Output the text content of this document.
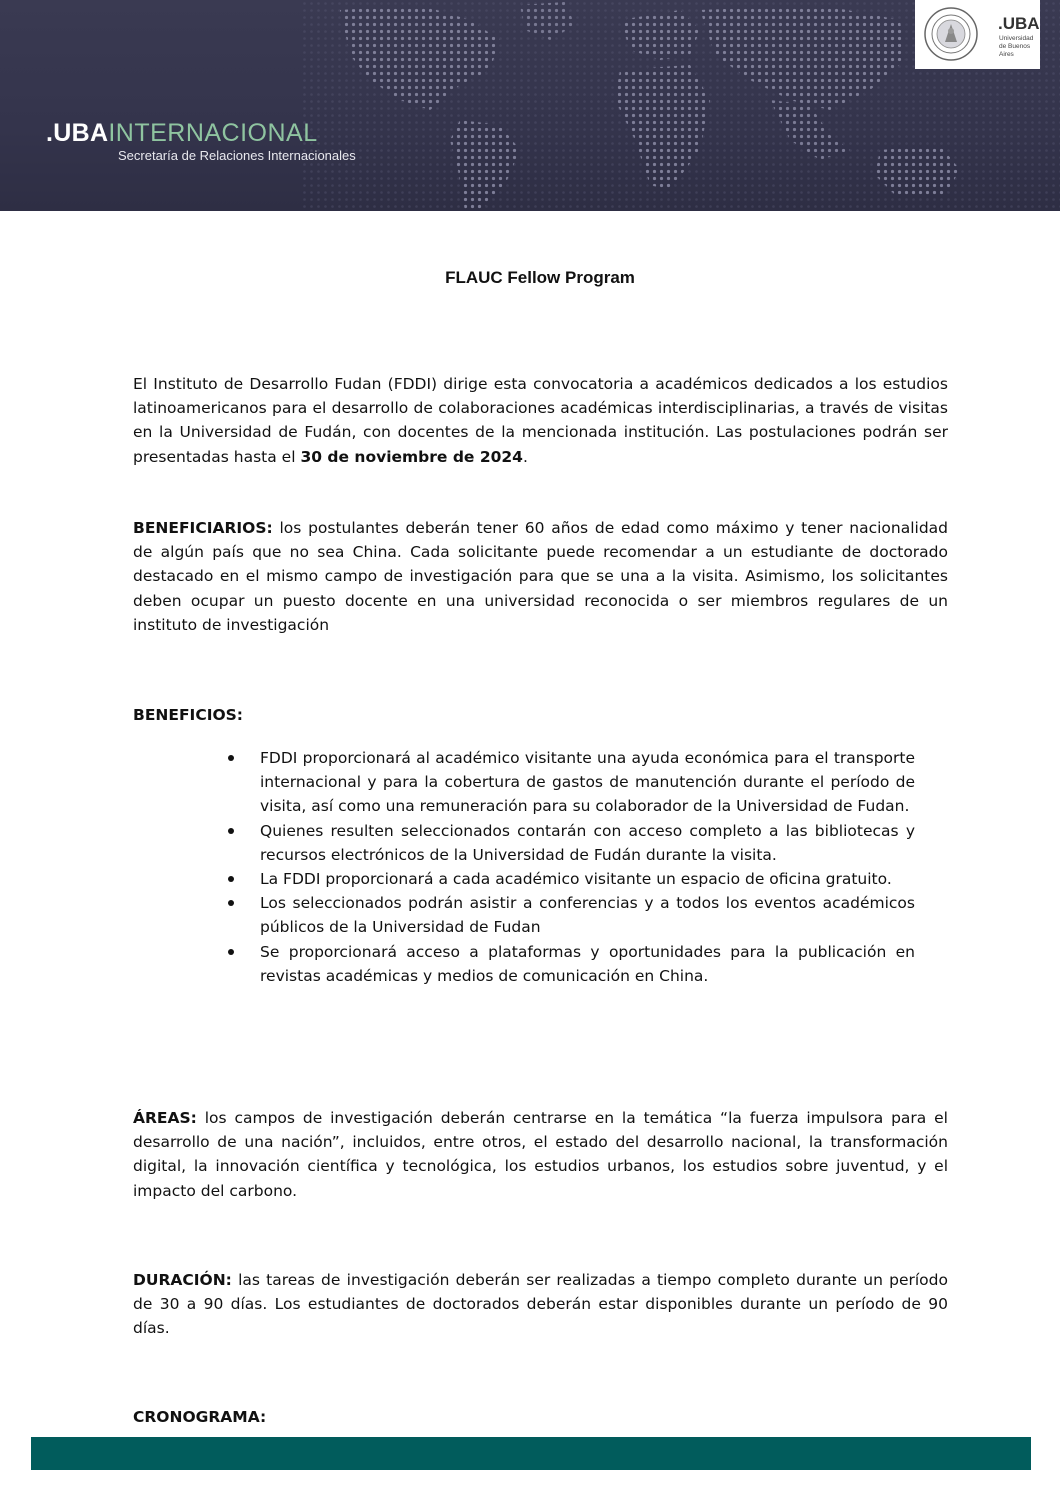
.UBAINTERNACIONAL
Secretaría de Relaciones Internacionales
.UBA
Universidad de Buenos Aires
FLAUC Fellow Program
El Instituto de Desarrollo Fudan (FDDI) dirige esta convocatoria a académicos dedicados a los estudios latinoamericanos para el desarrollo de colaboraciones académicas interdisciplinarias, a través de visitas en la Universidad de Fudán, con docentes de la mencionada institución. Las postulaciones podrán ser presentadas hasta el 30 de noviembre de 2024.
BENEFICIARIOS: los postulantes deberán tener 60 años de edad como máximo y tener nacionalidad de algún país que no sea China. Cada solicitante puede recomendar a un estudiante de doctorado destacado en el mismo campo de investigación para que se una a la visita. Asimismo, los solicitantes deben ocupar un puesto docente en una universidad reconocida o ser miembros regulares de un instituto de investigación
BENEFICIOS:
FDDI proporcionará al académico visitante una ayuda económica para el transporte internacional y para la cobertura de gastos de manutención durante el período de visita, así como una remuneración para su colaborador de la Universidad de Fudan.
Quienes resulten seleccionados contarán con acceso completo a las bibliotecas y recursos electrónicos de la Universidad de Fudán durante la visita.
La FDDI proporcionará a cada académico visitante un espacio de oficina gratuito.
Los seleccionados podrán asistir a conferencias y a todos los eventos académicos públicos de la Universidad de Fudan
Se proporcionará acceso a plataformas y oportunidades para la publicación en revistas académicas y medios de comunicación en China.
ÁREAS: los campos de investigación deberán centrarse en la temática “la fuerza impulsora para el desarrollo de una nación”, incluidos, entre otros, el estado del desarrollo nacional, la transformación digital, la innovación científica y tecnológica, los estudios urbanos, los estudios sobre juventud, y el impacto del carbono.
DURACIÓN: las tareas de investigación deberán ser realizadas a tiempo completo durante un período de 30 a 90 días. Los estudiantes de doctorados deberán estar disponibles durante un período de 90 días.
CRONOGRAMA:
